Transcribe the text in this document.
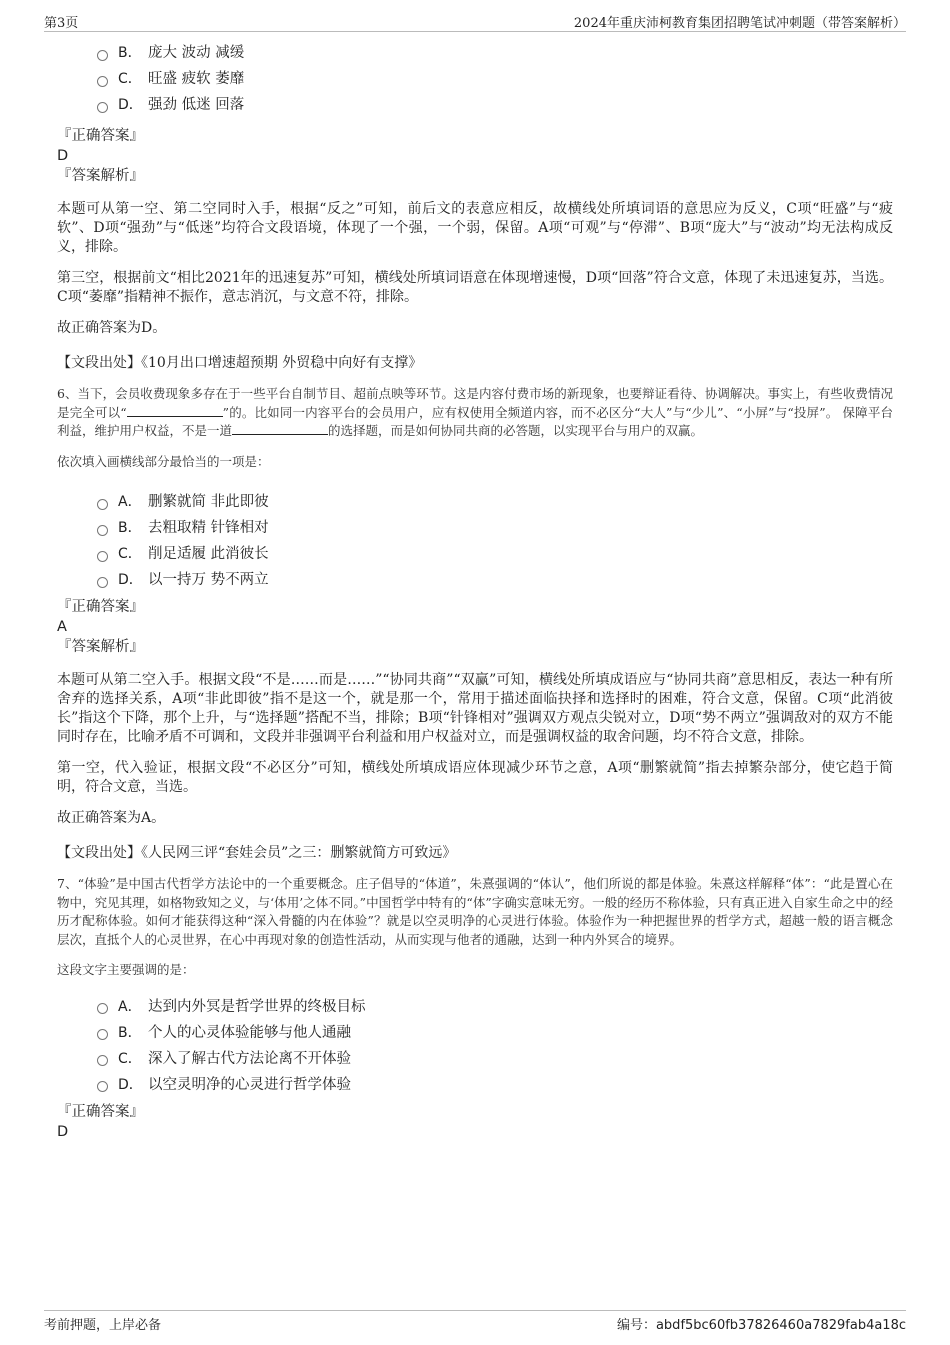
第3页	2024年重庆沛柯教育集团招聘笔试冲刺题（带答案解析）
B． 庞大 波动 减缓
C． 旺盛 疲软 萎靡
D． 强劲 低迷 回落

『正确答案』

D

『答案解析』

本题可从第一空、第二空同时入手，根据“反之”可知，前后文的表意应相反，故横线处所填词语的意思应为反义，C项“旺盛”与“疲软”、D项“强劲”与“低迷”均符合文段语境，体现了一个强，一个弱，保留。A项“可观”与“停滞”、B项“庞大”与“波动”均无法构成反义，排除。

第三空，根据前文“相比2021年的迅速复苏”可知，横线处所填词语意在体现增速慢，D项“回落”符合文意，体现了未迅速复苏，当选。C项“萎靡”指精神不振作，意志消沉，与文意不符，排除。

故正确答案为D。

【文段出处】《10月出口增速超预期 外贸稳中向好有支撑》

6、当下，会员收费现象多存在于一些平台自制节目、超前点映等环节。这是内容付费市场的新现象，也要辩证看待、协调解决。事实上，有些收费情况是完全可以“	”的。比如同一内容平台的会员用户，应有权使用全频道内容，而不必区分“大人”与“少儿”、“小屏”与“投屏”。 保障平台利益，维护用户权益，不是一道	的选择题，而是如何协同共商的必答题，以实现平台与用户的双赢。

依次填入画横线部分最恰当的一项是：

A． 删繁就简 非此即彼
B． 去粗取精 针锋相对
C． 削足适履 此消彼长
D． 以一持万 势不两立

『正确答案』

A

『答案解析』

本题可从第二空入手。根据文段“不是……而是……”“协同共商”“双赢”可知，横线处所填成语应与“协同共商”意思相反，表达一种有所舍弃的选择关系，A项“非此即彼”指不是这一个，就是那一个，常用于描述面临抉择和选择时的困难，符合文意，保留。C项“此消彼长”指这个下降，那个上升，与“选择题”搭配不当，排除；B项“针锋相对”强调双方观点尖锐对立，D项“势不两立”强调敌对的双方不能同时存在，比喻矛盾不可调和，文段并非强调平台利益和用户权益对立，而是强调权益的取舍问题，均不符合文意，排除。

第一空，代入验证，根据文段“不必区分”可知，横线处所填成语应体现减少环节之意，A项“删繁就简”指去掉繁杂部分，使它趋于简明，符合文意，当选。

故正确答案为A。

【文段出处】《人民网三评“套娃会员”之三：删繁就简方可致远》

7、“体验”是中国古代哲学方法论中的一个重要概念。庄子倡导的“体道”，朱熹强调的“体认”，他们所说的都是体验。朱熹这样解释“体”：“此是置心在物中，究见其理，如格物致知之义，与‘体用’之体不同。”中国哲学中特有的“体”字确实意味无穷。一般的经历不称体验，只有真正进入自家生命之中的经历才配称体验。如何才能获得这种“深入骨髓的内在体验”？就是以空灵明净的心灵进行体验。体验作为一种把握世界的哲学方式，超越一般的语言概念层次，直抵个人的心灵世界，在心中再现对象的创造性活动，从而实现与他者的通融，达到一种内外冥合的境界。

这段文字主要强调的是：

A． 达到内外冥是哲学世界的终极目标
B． 个人的心灵体验能够与他人通融
C． 深入了解古代方法论离不开体验
D． 以空灵明净的心灵进行哲学体验

『正确答案』

D

考前押题，上岸必备	编号：abdf5bc60fb37826460a7829fab4a18c
